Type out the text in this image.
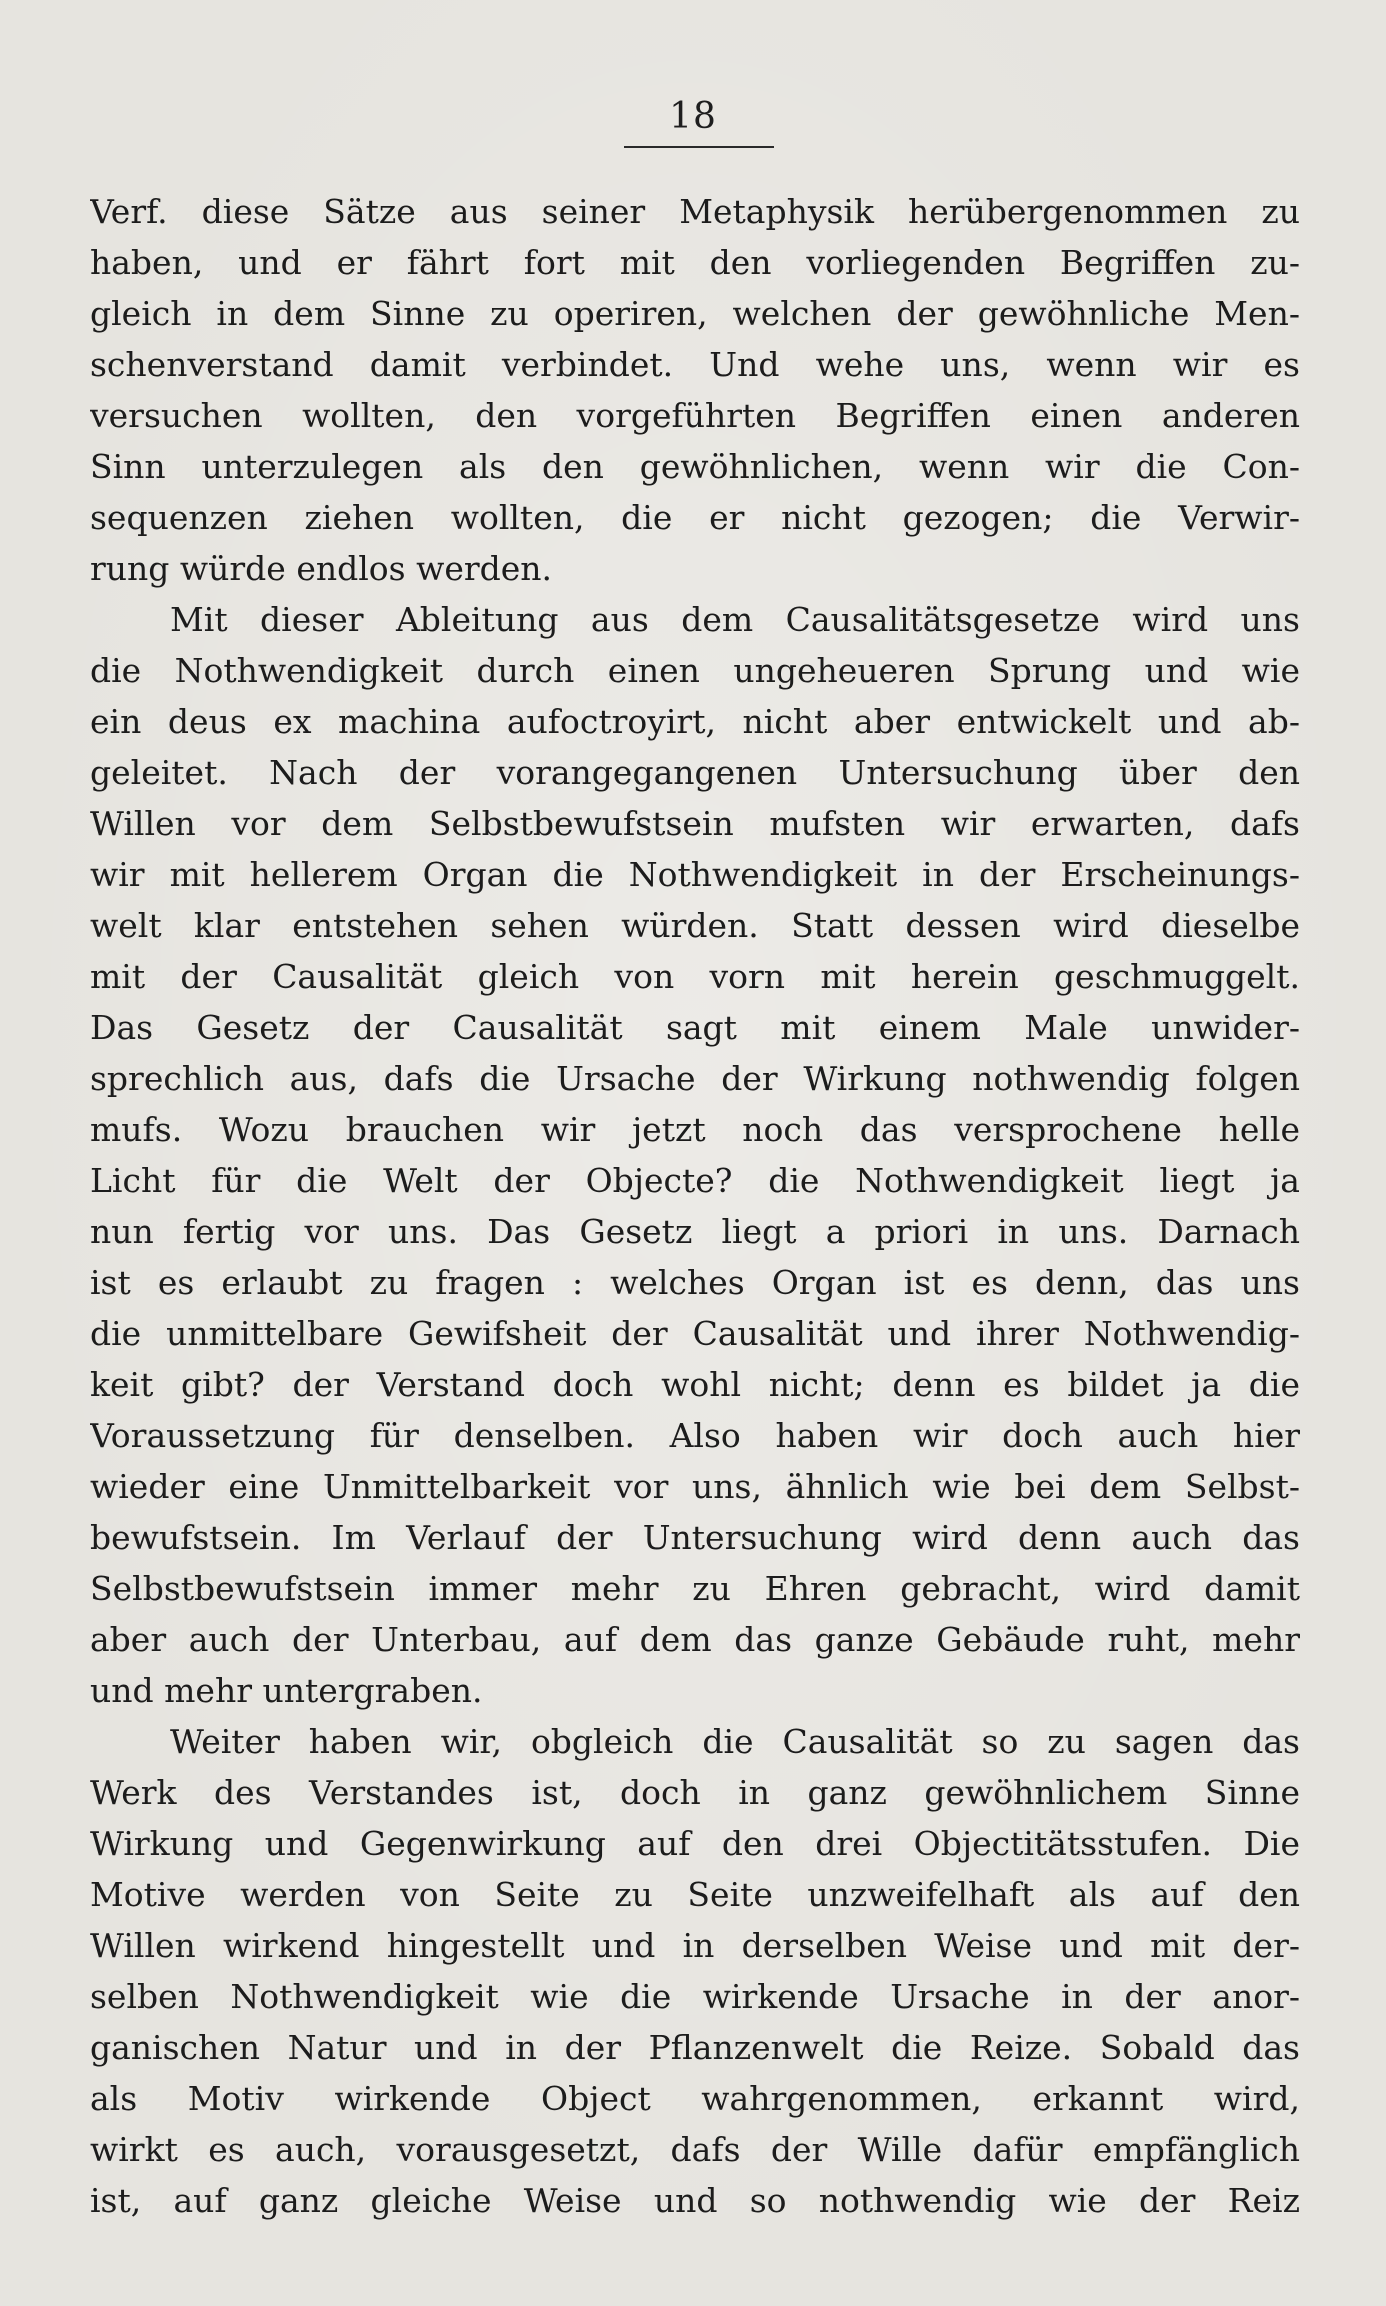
18
Verf. diese Sätze aus seiner Metaphysik herübergenommen zu
haben, und er fährt fort mit den vorliegenden Begriffen zu-
gleich in dem Sinne zu operiren, welchen der gewöhnliche Men-
schenverstand damit verbindet. Und wehe uns, wenn wir es
versuchen wollten, den vorgeführten Begriffen einen anderen
Sinn unterzulegen als den gewöhnlichen, wenn wir die Con-
sequenzen ziehen wollten, die er nicht gezogen; die Verwir-
rung würde endlos werden.
Mit dieser Ableitung aus dem Causalitätsgesetze wird uns
die Nothwendigkeit durch einen ungeheueren Sprung und wie
ein deus ex machina aufoctroyirt, nicht aber entwickelt und ab-
geleitet. Nach der vorangegangenen Untersuchung über den
Willen vor dem Selbstbewufstsein mufsten wir erwarten, dafs
wir mit hellerem Organ die Nothwendigkeit in der Erscheinungs-
welt klar entstehen sehen würden. Statt dessen wird dieselbe
mit der Causalität gleich von vorn mit herein geschmuggelt.
Das Gesetz der Causalität sagt mit einem Male unwider-
sprechlich aus, dafs die Ursache der Wirkung nothwendig folgen
mufs. Wozu brauchen wir jetzt noch das versprochene helle
Licht für die Welt der Objecte? die Nothwendigkeit liegt ja
nun fertig vor uns. Das Gesetz liegt a priori in uns. Darnach
ist es erlaubt zu fragen : welches Organ ist es denn, das uns
die unmittelbare Gewifsheit der Causalität und ihrer Nothwendig-
keit gibt? der Verstand doch wohl nicht; denn es bildet ja die
Voraussetzung für denselben. Also haben wir doch auch hier
wieder eine Unmittelbarkeit vor uns, ähnlich wie bei dem Selbst-
bewufstsein. Im Verlauf der Untersuchung wird denn auch das
Selbstbewufstsein immer mehr zu Ehren gebracht, wird damit
aber auch der Unterbau, auf dem das ganze Gebäude ruht, mehr
und mehr untergraben.
Weiter haben wir, obgleich die Causalität so zu sagen das
Werk des Verstandes ist, doch in ganz gewöhnlichem Sinne
Wirkung und Gegenwirkung auf den drei Objectitätsstufen. Die
Motive werden von Seite zu Seite unzweifelhaft als auf den
Willen wirkend hingestellt und in derselben Weise und mit der-
selben Nothwendigkeit wie die wirkende Ursache in der anor-
ganischen Natur und in der Pflanzenwelt die Reize. Sobald das
als Motiv wirkende Object wahrgenommen, erkannt wird,
wirkt es auch, vorausgesetzt, dafs der Wille dafür empfänglich
ist, auf ganz gleiche Weise und so nothwendig wie der Reiz
